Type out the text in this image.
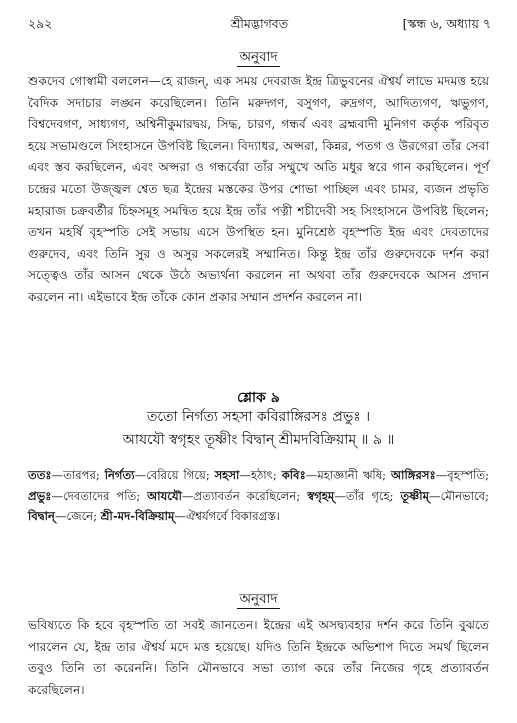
২৯২	শ্রীমদ্ভাগবত	[স্কন্ধ ৬, অধ্যায় ৭
অনুবাদ

শুকদেব গোস্বামী বললেন—হে রাজন্‌, এক সময় দেবরাজ ইন্দ্র ত্রিভুবনের ঐশ্বর্য লাভে মদমত্ত হয়ে বৈদিক সদাচার লঙ্ঘন করেছিলেন। তিনি মরুদ্গণ, বসুগণ, রুদ্রগণ, আদিত্যগণ, ঋভুগণ, বিশ্বদেবগণ, সাধ্যগণ, অশ্বিনীকুমারদ্বয়, সিদ্ধ, চারণ, গন্ধর্ব এবং ব্রহ্মবাদী মুনিগণ কর্তৃক পরিবৃত হয়ে সভামণ্ডলে সিংহাসনে উপবিষ্ট ছিলেন। বিদ্যাধর, অপ্সরা, কিন্নর, পতগ ও উরগেরা তাঁর সেবা এবং স্তব করছিলেন, এবং অপ্সরা ও গন্ধর্বেরা তাঁর সম্মুখে অতি মধুর স্বরে গান করছিলেন। পূর্ণ চন্দ্রের মতো উজ্জ্বল শ্বেত ছত্র ইন্দ্রের মস্তকের উপর শোভা পাচ্ছিল এবং চামর, ব্যজন প্রভৃতি মহারাজ চক্রবর্তীর চিহ্নসমূহ সমন্বিত হয়ে ইন্দ্র তাঁর পত্নী শচীদেবী সহ সিংহাসনে উপবিষ্ট ছিলেন; তখন মহর্ষি বৃহস্পতি সেই সভায় এসে উপস্থিত হন। মুনিশ্রেষ্ঠ বৃহস্পতি ইন্দ্র এবং দেবতাদের গুরুদেব, এবং তিনি সুর ও অসুর সকলেরই সম্মানিত। কিন্তু ইন্দ্র তাঁর গুরুদেবকে দর্শন করা সত্ত্বেও তাঁর আসন থেকে উঠে অভ্যর্থনা করলেন না অথবা তাঁর গুরুদেবকে আসন প্রদান করলেন না। এইভাবে ইন্দ্র তাঁকে কোন প্রকার সম্মান প্রদর্শন করলেন না।

শ্লোক ৯
ততো নির্গত্য সহসা কবিরাঙ্গিরসঃ প্রভুঃ ।
আযযৌ স্বগৃহং তূষ্ণীং বিদ্বান্ শ্রীমদবিক্রিয়াম্ ॥ ৯ ॥
ততঃ—তারপর; নির্গত্য—বেরিয়ে গিয়ে; সহসা—হঠাৎ; কবিঃ—মহাজ্ঞানী ঋষি; আঙ্গিরসঃ—বৃহস্পতি; প্রভুঃ—দেবতাদের পতি; আযযৌ—প্রত্যাবর্তন করেছিলেন; স্বগৃহম্—তাঁর গৃহে; তূষ্ণীম্—মৌনভাবে; বিদ্বান্—জেনে; শ্রী-মদ-বিক্রিয়াম্—ঐশ্বর্যগর্বে বিকারগ্রস্ত।
অনুবাদ

ভবিষ্যতে কি হবে বৃহস্পতি তা সবই জানতেন। ইন্দ্রের এই অসদ্ব্যবহার দর্শন করে তিনি বুঝতে পারলেন যে, ইন্দ্র তার ঐশ্বর্য মদে মত্ত হয়েছে। যদিও তিনি ইন্দ্রকে অভিশাপ দিতে সমর্থ ছিলেন তবুও তিনি তা করেননি। তিনি মৌনভাবে সভা ত্যাগ করে তাঁর নিজের গৃহে প্রত্যাবর্তন করেছিলেন।
